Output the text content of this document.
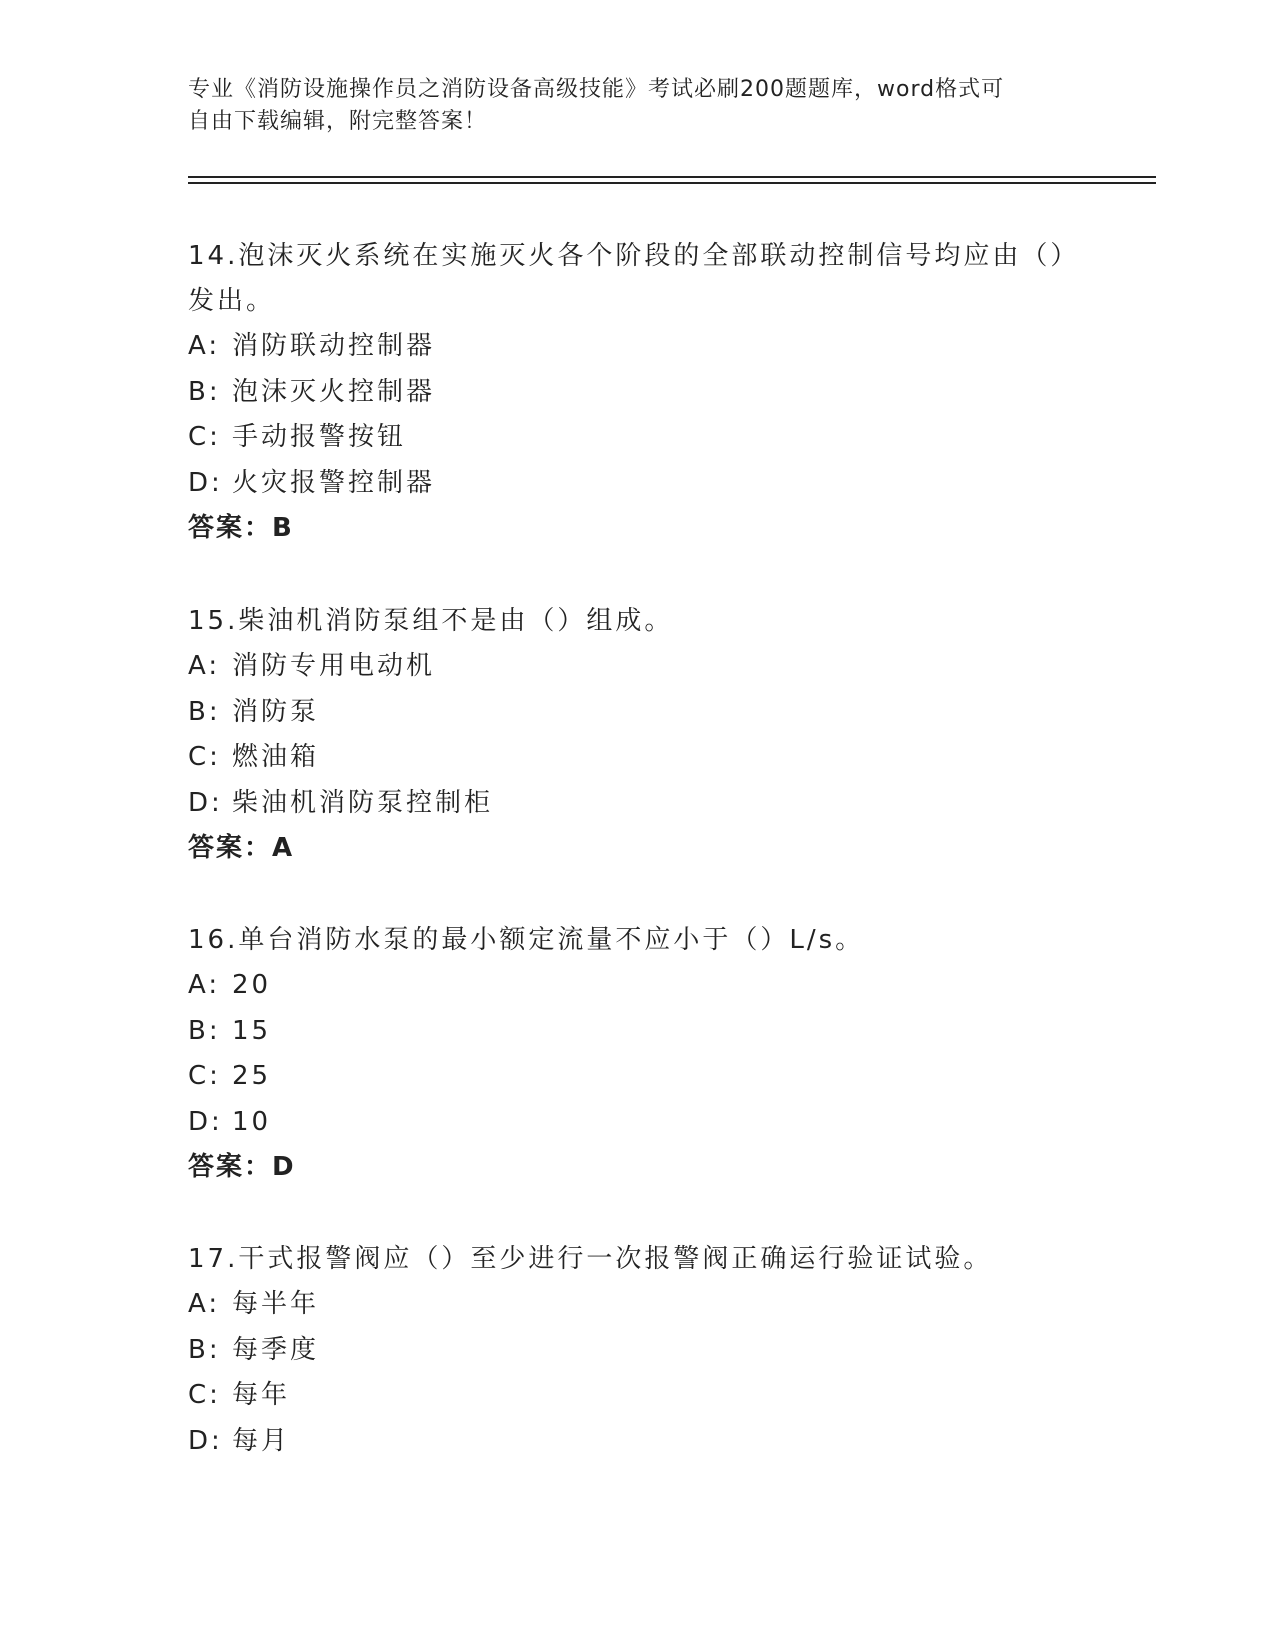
专业《消防设施操作员之消防设备高级技能》考试必刷200题题库，word格式可
自由下载编辑，附完整答案！

14.泡沫灭火系统在实施灭火各个阶段的全部联动控制信号均应由（）

发出。

A: 消防联动控制器

B: 泡沫灭火控制器

C: 手动报警按钮

D: 火灾报警控制器

答案：B

15.柴油机消防泵组不是由（）组成。

A: 消防专用电动机

B: 消防泵

C: 燃油箱

D: 柴油机消防泵控制柜

答案：A

16.单台消防水泵的最小额定流量不应小于（）L/s。

A: 20

B: 15

C: 25

D: 10

答案：D

17.干式报警阀应（）至少进行一次报警阀正确运行验证试验。

A: 每半年

B: 每季度

C: 每年

D: 每月
